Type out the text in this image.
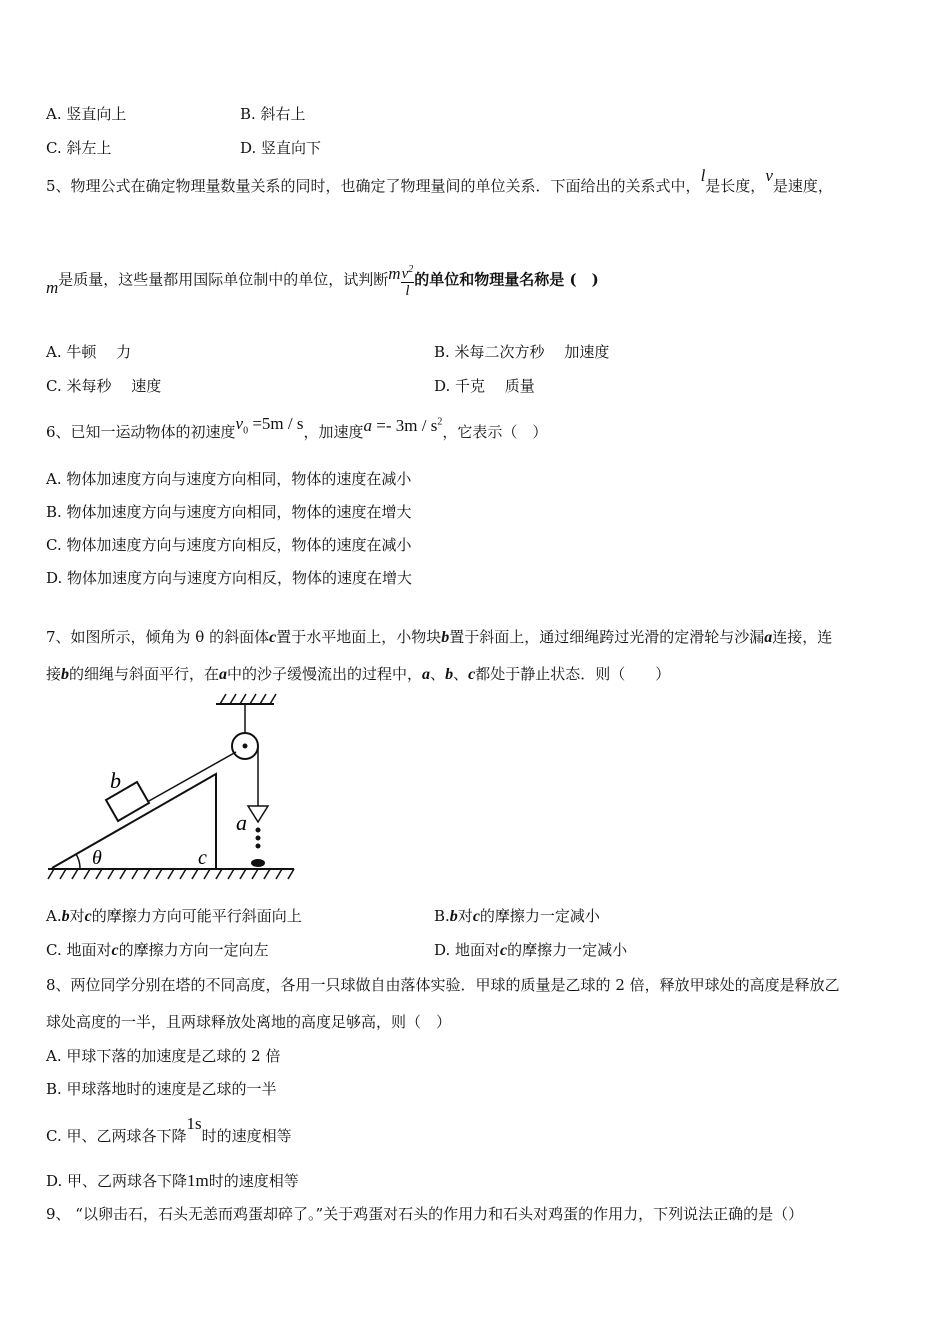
A. 竖直向上	B. 斜右上
C. 斜左上	D. 竖直向下
5、物理公式在确定物理量数量关系的同时，也确定了物理量间的单位关系．下面给出的关系式中，l是长度，v是速度，
m是质量，这些量都用国际单位制中的单位，试判断m $\frac{v^2}{l}$ 的单位和物理量名称是 (　)
A. 牛顿　 力	B. 米每二次方秒　 加速度
C. 米每秒　 速度	D. 千克　 质量
6、已知一运动物体的初速度$v_0 =5m / s$，加速度$a =- 3m / s^2$，它表示（　）
A. 物体加速度方向与速度方向相同，物体的速度在减小
B. 物体加速度方向与速度方向相同，物体的速度在增大
C. 物体加速度方向与速度方向相反，物体的速度在减小
D. 物体加速度方向与速度方向相反，物体的速度在增大
7、如图所示，倾角为 θ 的斜面体c置于水平地面上，小物块b置于斜面上，通过细绳跨过光滑的定滑轮与沙漏a连接，连
接b的细绳与斜面平行，在a中的沙子缓慢流出的过程中，a、b、c都处于静止状态．则（　　）
θ
b
a
c
A.b对c的摩擦力方向可能平行斜面向上	B.b对c的摩擦力一定减小
C. 地面对c的摩擦力方向一定向左	D. 地面对c的摩擦力一定减小
8、两位同学分别在塔的不同高度，各用一只球做自由落体实验．甲球的质量是乙球的 2 倍，释放甲球处的高度是释放乙
球处高度的一半，且两球释放处离地的高度足够高，则（　）
A. 甲球下落的加速度是乙球的 2 倍
B. 甲球落地时的速度是乙球的一半
C. 甲、乙两球各下降1s时的速度相等
D. 甲、乙两球各下降1m时的速度相等
9、 “以卵击石，石头无恙而鸡蛋却碎了。”关于鸡蛋对石头的作用力和石头对鸡蛋的作用力，下列说法正确的是（）
